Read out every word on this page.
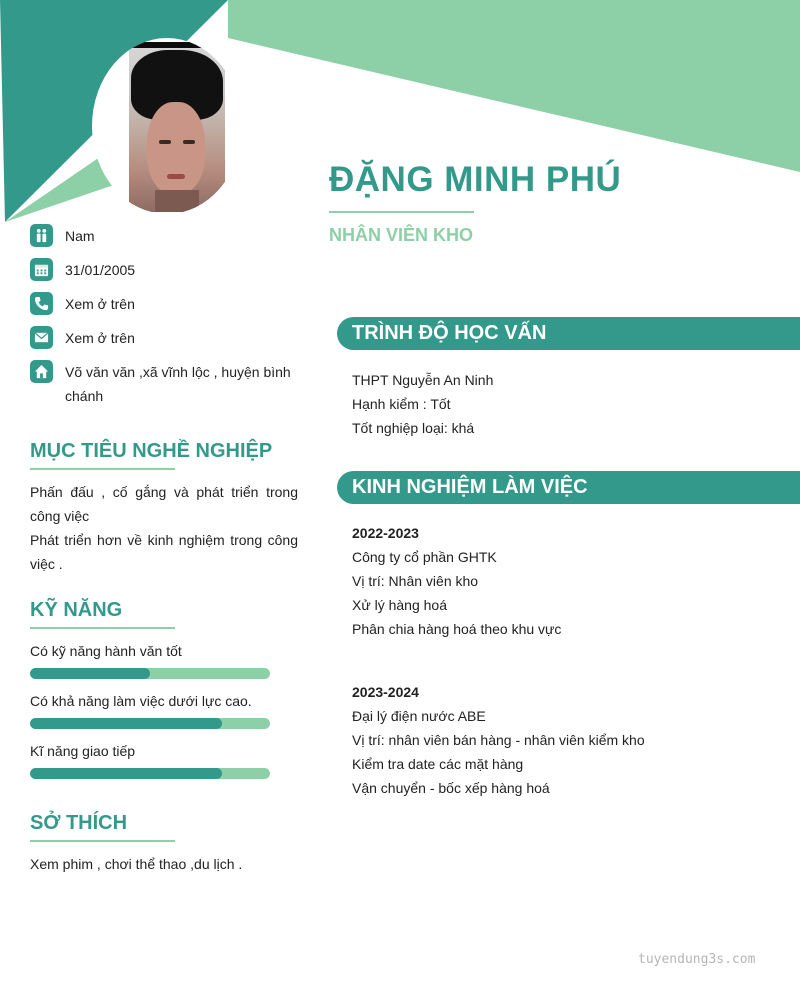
ĐẶNG MINH PHÚ
NHÂN VIÊN KHO
Nam
31/01/2005
Xem ở trên
Xem ở trên
Võ văn văn ,xã vĩnh lộc , huyện bình chánh
MỤC TIÊU NGHỀ NGHIỆP

Phấn đấu , cố gắng và phát triển trong công việc

Phát triển hơn về kinh nghiệm trong công việc .

KỸ NĂNG
Có kỹ năng hành văn tốt
Có khả năng làm việc dưới lực cao.
Kĩ năng giao tiếp
SỞ THÍCH
Xem phim , chơi thể thao ,du lịch .
TRÌNH ĐỘ HỌC VẤN
THPT Nguyễn An Ninh
Hạnh kiểm : Tốt
Tốt nghiệp loại: khá
KINH NGHIỆM LÀM VIỆC
2022-2023
Công ty cổ phần GHTK
Vị trí: Nhân viên kho
Xử lý hàng hoá
Phân chia hàng hoá theo khu vực
2023-2024
Đại lý điện nước ABE
Vị trí: nhân viên bán hàng - nhân viên kiểm kho
Kiểm tra date các mặt hàng
Vận chuyển - bốc xếp hàng hoá
tuyendung3s.com
